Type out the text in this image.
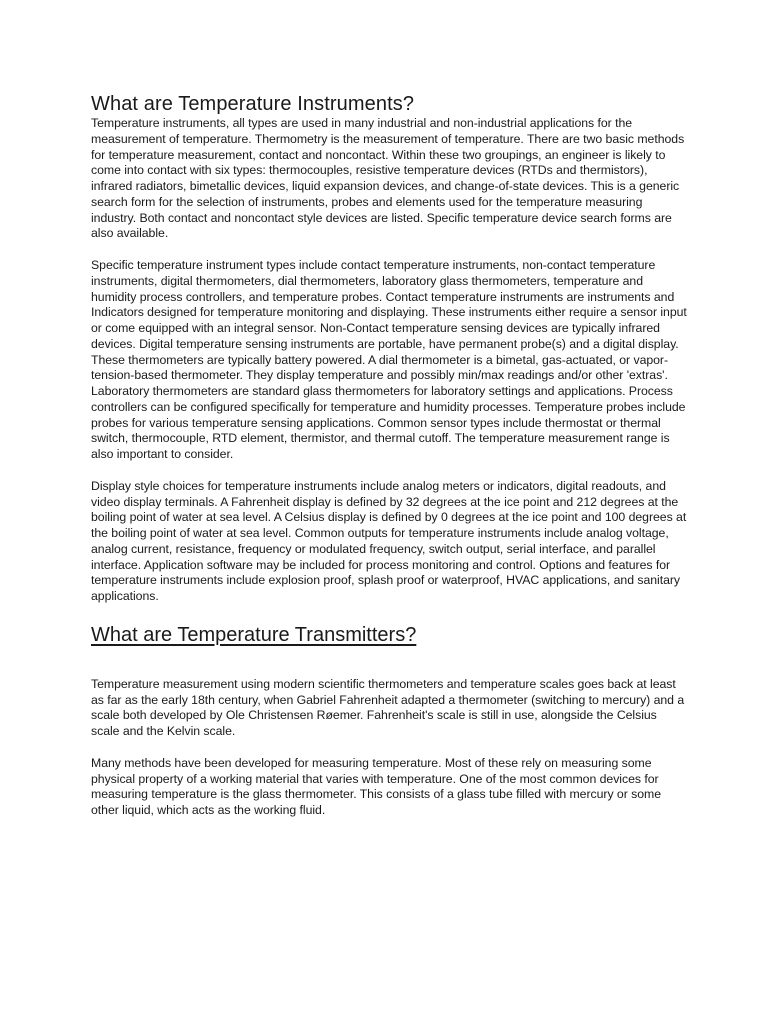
What are Temperature Instruments?

Temperature instruments, all types are used in many industrial and non-industrial applications for the measurement of temperature. Thermometry is the measurement of temperature. There are two basic methods for temperature measurement, contact and noncontact. Within these two groupings, an engineer is likely to come into contact with six types: thermocouples, resistive temperature devices (RTDs and thermistors), infrared radiators, bimetallic devices, liquid expansion devices, and change-of-state devices. This is a generic search form for the selection of instruments, probes and elements used for the temperature measuring industry. Both contact and noncontact style devices are listed. Specific temperature device search forms are also available.

Specific temperature instrument types include contact temperature instruments, non-contact temperature instruments, digital thermometers, dial thermometers, laboratory glass thermometers, temperature and humidity process controllers, and temperature probes. Contact temperature instruments are instruments and Indicators designed for temperature monitoring and displaying. These instruments either require a sensor input or come equipped with an integral sensor. Non-Contact temperature sensing devices are typically infrared devices. Digital temperature sensing instruments are portable, have permanent probe(s) and a digital display. These thermometers are typically battery powered. A dial thermometer is a bimetal, gas-actuated, or vapor-tension-based thermometer. They display temperature and possibly min/max readings and/or other 'extras'. Laboratory thermometers are standard glass thermometers for laboratory settings and applications. Process controllers can be configured specifically for temperature and humidity processes. Temperature probes include probes for various temperature sensing applications. Common sensor types include thermostat or thermal switch, thermocouple, RTD element, thermistor, and thermal cutoff. The temperature measurement range is also important to consider.

Display style choices for temperature instruments include analog meters or indicators, digital readouts, and video display terminals. A Fahrenheit display is defined by 32 degrees at the ice point and 212 degrees at the boiling point of water at sea level. A Celsius display is defined by 0 degrees at the ice point and 100 degrees at the boiling point of water at sea level. Common outputs for temperature instruments include analog voltage, analog current, resistance, frequency or modulated frequency, switch output, serial interface, and parallel interface. Application software may be included for process monitoring and control. Options and features for temperature instruments include explosion proof, splash proof or waterproof, HVAC applications, and sanitary applications.

What are Temperature Transmitters?

Temperature measurement using modern scientific thermometers and temperature scales goes back at least as far as the early 18th century, when Gabriel Fahrenheit adapted a thermometer (switching to mercury) and a scale both developed by Ole Christensen Røemer. Fahrenheit's scale is still in use, alongside the Celsius scale and the Kelvin scale.

Many methods have been developed for measuring temperature. Most of these rely on measuring some physical property of a working material that varies with temperature. One of the most common devices for measuring temperature is the glass thermometer. This consists of a glass tube filled with mercury or some other liquid, which acts as the working fluid.
